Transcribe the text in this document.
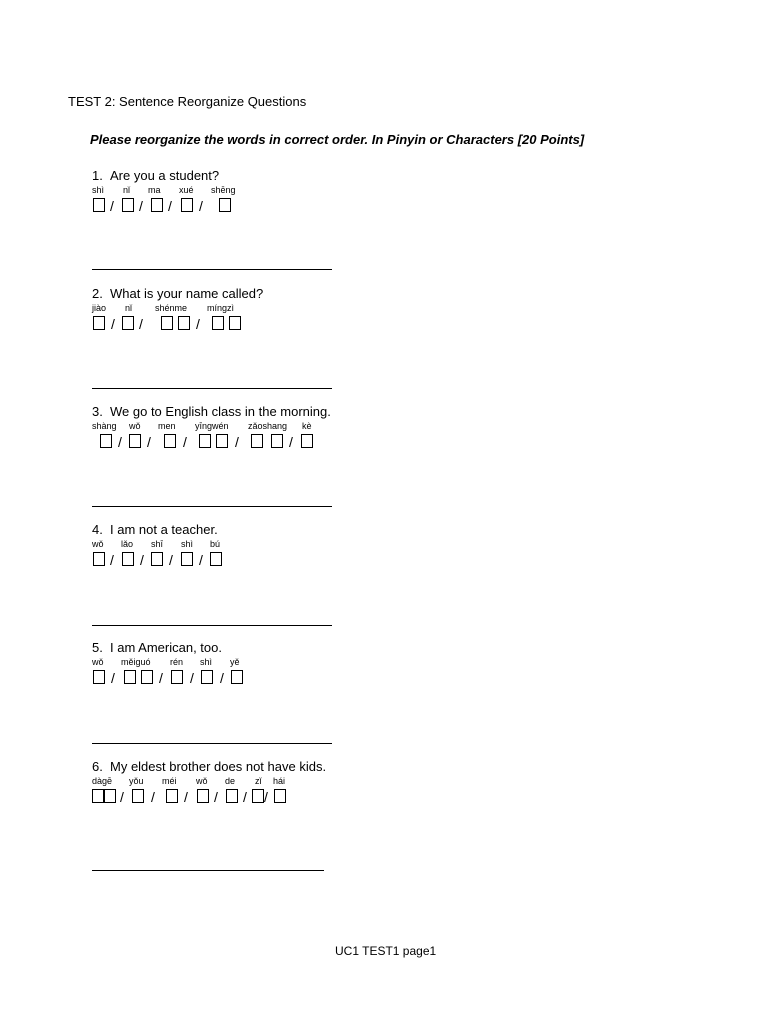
TEST 2: Sentence Reorganize Questions
Please reorganize the words in correct order. In Pinyin or Characters [20 Points]
1. Are you a student?
shì nǐ ma xué shēng
/ / / /
2. What is your name called?
jiào nǐ	shénme míngzì
/ /	/
3. We go to English class in the morning.
shàng wǒ men yīngwén zǎoshang kè
/ / /	/	/
4. I am not a teacher.
wǒ lǎo shī shì bú
/ / / /
5. I am American, too.
wǒ měiguó rén shì yě
/	/ / /
6. My eldest brother does not have kids.
dàgē yǒu méi wǒ de zǐ hái
/ / / / / /
UC1 TEST1 page1
